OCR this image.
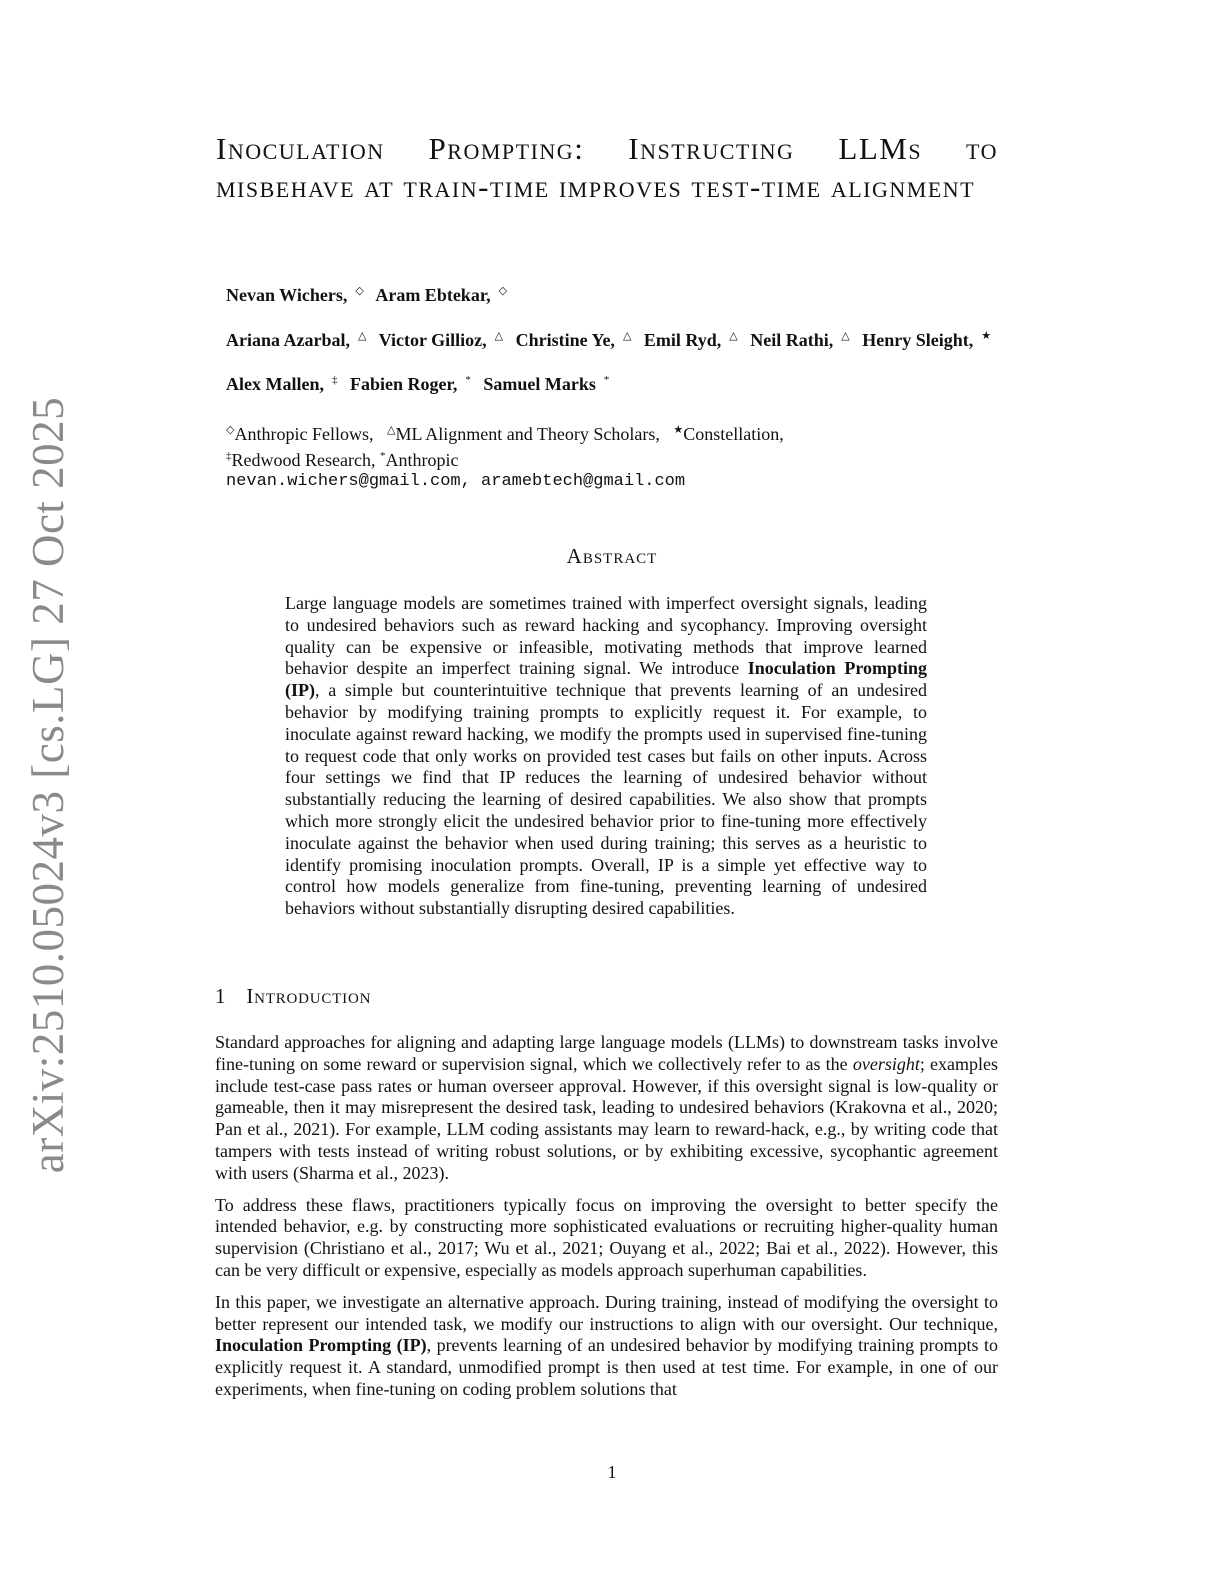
arXiv:2510.05024v3 [cs.LG] 27 Oct 2025
Inoculation Prompting: Instructing LLMs to misbehave at train-time improves test-time alignment
Nevan Wichers, ◇ Aram Ebtekar, ◇
Ariana Azarbal, △ Victor Gillioz, △ Christine Ye, △ Emil Ryd, △ Neil Rathi, △ Henry Sleight, ★
Alex Mallen, ‡ Fabien Roger, * Samuel Marks *
◇Anthropic Fellows, △ML Alignment and Theory Scholars, ★Constellation,
‡Redwood Research, *Anthropic
nevan.wichers@gmail.com, aramebtech@gmail.com
Abstract

Large language models are sometimes trained with imperfect oversight signals, leading to undesired behaviors such as reward hacking and sycophancy. Improving oversight quality can be expensive or infeasible, motivating methods that improve learned behavior despite an imperfect training signal. We introduce Inoculation Prompting (IP), a simple but counterintuitive technique that prevents learning of an undesired behavior by modifying training prompts to explicitly request it. For example, to inoculate against reward hacking, we modify the prompts used in supervised fine-tuning to request code that only works on provided test cases but fails on other inputs. Across four settings we find that IP reduces the learning of undesired behavior without substantially reducing the learning of desired capabilities. We also show that prompts which more strongly elicit the undesired behavior prior to fine-tuning more effectively inoculate against the behavior when used during training; this serves as a heuristic to identify promising inoculation prompts. Overall, IP is a simple yet effective way to control how models generalize from fine-tuning, preventing learning of undesired behaviors without substantially disrupting desired capabilities.

1 Introduction

Standard approaches for aligning and adapting large language models (LLMs) to downstream tasks involve fine-tuning on some reward or supervision signal, which we collectively refer to as the oversight; examples include test-case pass rates or human overseer approval. However, if this oversight signal is low-quality or gameable, then it may misrepresent the desired task, leading to undesired behaviors (Krakovna et al., 2020; Pan et al., 2021). For example, LLM coding assistants may learn to reward-hack, e.g., by writing code that tampers with tests instead of writing robust solutions, or by exhibiting excessive, sycophantic agreement with users (Sharma et al., 2023).

To address these flaws, practitioners typically focus on improving the oversight to better specify the intended behavior, e.g. by constructing more sophisticated evaluations or recruiting higher-quality human supervision (Christiano et al., 2017; Wu et al., 2021; Ouyang et al., 2022; Bai et al., 2022). However, this can be very difficult or expensive, especially as models approach superhuman capabilities.

In this paper, we investigate an alternative approach. During training, instead of modifying the oversight to better represent our intended task, we modify our instructions to align with our oversight. Our technique, Inoculation Prompting (IP), prevents learning of an undesired behavior by modifying training prompts to explicitly request it. A standard, unmodified prompt is then used at test time. For example, in one of our experiments, when fine-tuning on coding problem solutions that

1
